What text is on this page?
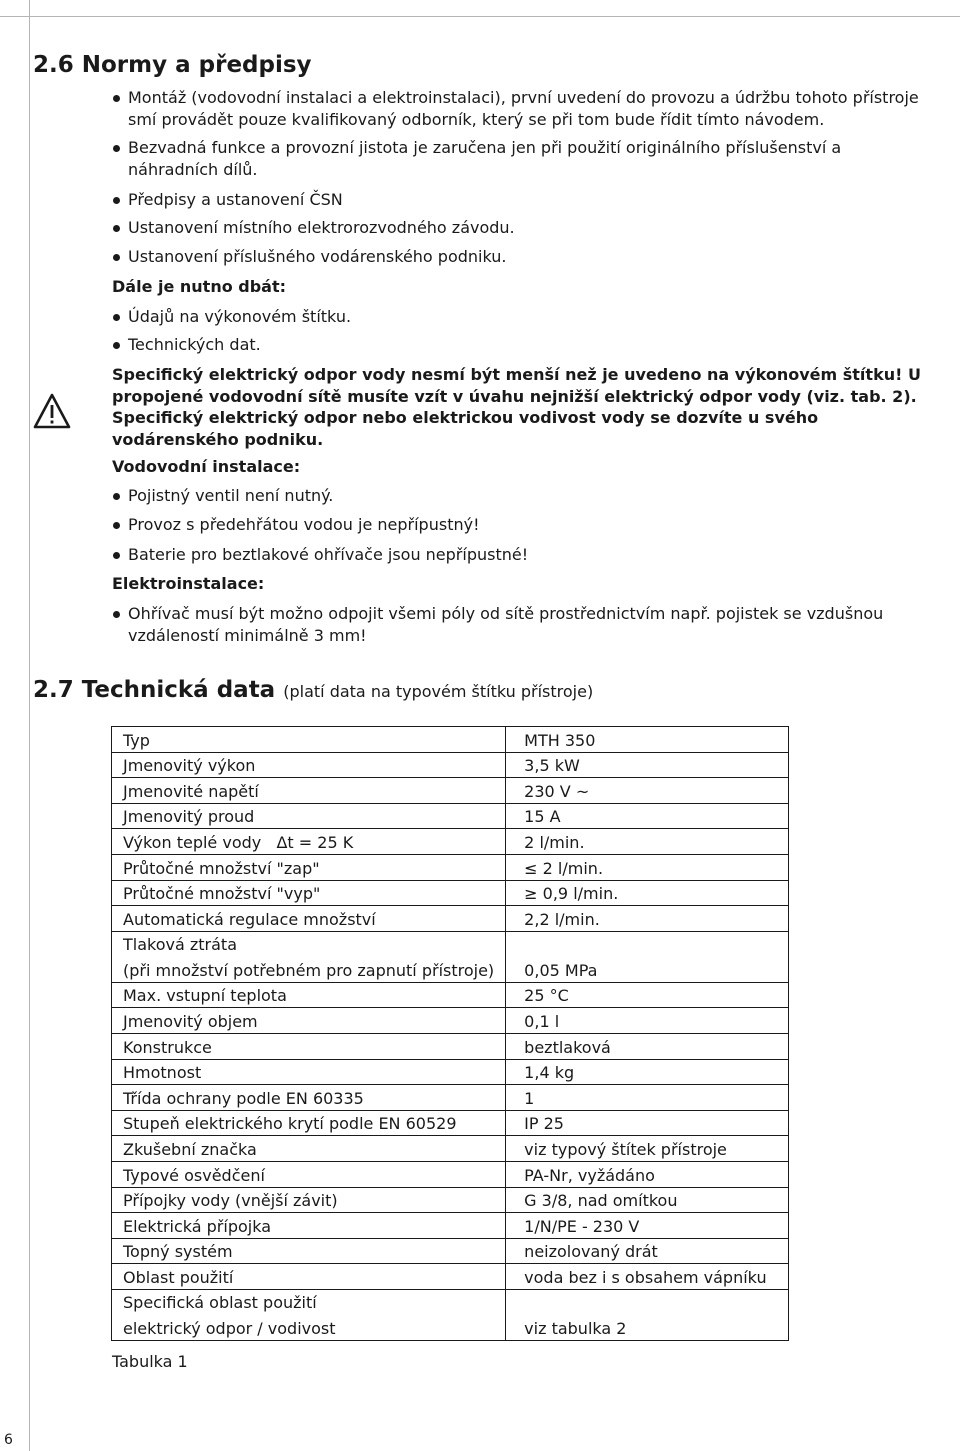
6
2.6 Normy a předpisy
Montáž (vodovodní instalaci a elektroinstalaci), první uvedení do provozu a údržbu tohoto přístroje smí provádět pouze kvalifikovaný odborník, který se při tom bude řídit tímto návodem.
Bezvadná funkce a provozní jistota je zaručena jen při použití originálního příslušenství a náhradních dílů.
Předpisy a ustanovení ČSN
Ustanovení místního elektrorozvodného závodu.
Ustanovení příslušného vodárenského podniku.
Dále je nutno dbát:
Údajů na výkonovém štítku.
Technických dat.
Specifický elektrický odpor vody nesmí být menší než je uvedeno na výkonovém štítku! U propojené vodovodní sítě musíte vzít v úvahu nejnižší elektrický odpor vody (viz. tab. 2). Specifický elektrický odpor nebo elektrickou vodivost vody se dozvíte u svého vodárenského podniku.
Vodovodní instalace:
Pojistný ventil není nutný.
Provoz s předehřátou vodou je nepřípustný!
Baterie pro beztlakové ohřívače jsou nepřípustné!
Elektroinstalace:
Ohřívač musí být možno odpojit všemi póly od sítě prostřednictvím např. pojistek se vzdušnou vzdáleností minimálně 3 mm!
2.7 Technická data (platí data na typovém štítku přístroje)
Typ	MTH 350
Jmenovitý výkon	3,5 kW
Jmenovité napětí	230 V ~
Jmenovitý proud	15 A
Výkon teplé vody   Δt = 25 K	2 l/min.
Průtočné množství "zap"	≤ 2 l/min.
Průtočné množství "vyp"	≥ 0,9 l/min.
Automatická regulace množství	2,2 l/min.

Tlaková ztráta
(při množství potřebném pro zapnutí přístroje)	0,05 MPa
Max. vstupní teplota	25 °C
Jmenovitý objem	0,1 l
Konstrukce	beztlaková
Hmotnost	1,4 kg
Třída ochrany podle EN 60335	1
Stupeň elektrického krytí podle EN 60529	IP 25
Zkušební značka	viz typový štítek přístroje
Typové osvědčení	PA-Nr, vyžádáno
Přípojky vody (vnější závit)	G 3/8, nad omítkou
Elektrická přípojka	1/N/PE - 230 V
Topný systém	neizolovaný drát
Oblast použití	voda bez i s obsahem vápníku

Specifická oblast použití
elektrický odpor / vodivost	viz tabulka 2
Tabulka 1
